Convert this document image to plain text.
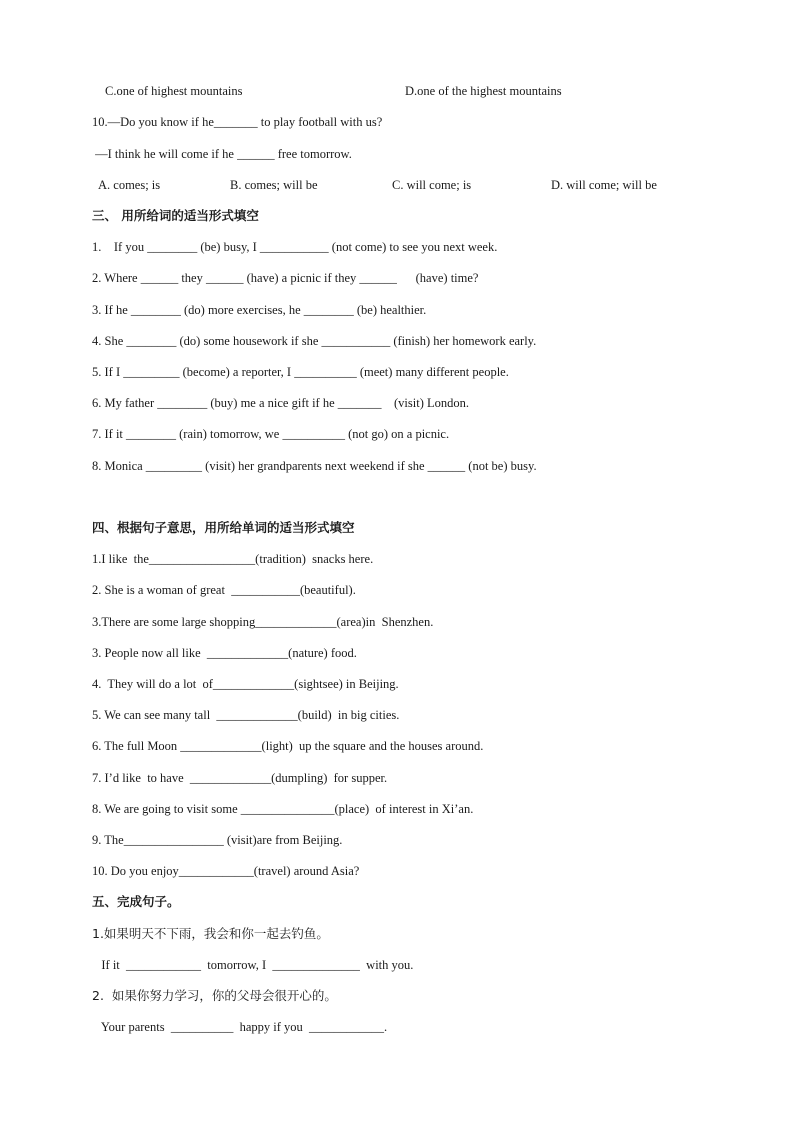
C.one of highest mountains	D.one of the highest mountains
10.—Do you know if he_______ to play football with us?
—I think he will come if he ______ free tomorrow.
A. comes; is	B. comes; will be	C. will come; is	D. will come; will be
三、 用所给词的适当形式填空
1.    If you ________ (be) busy, I ___________ (not come) to see you next week.
2. Where ______ they ______ (have) a picnic if they ______      (have) time?
3. If he ________ (do) more exercises, he ________ (be) healthier.
4. She ________ (do) some housework if she ___________ (finish) her homework early.
5. If I _________ (become) a reporter, I __________ (meet) many different people.
6. My father ________ (buy) me a nice gift if he _______    (visit) London.
7. If it ________ (rain) tomorrow, we __________ (not go) on a picnic.
8. Monica _________ (visit) her grandparents next weekend if she ______ (not be) busy.
四、根据句子意思，用所给单词的适当形式填空
1.I like  the_________________(tradition)  snacks here.
2. She is a woman of great  ___________(beautiful).
3.There are some large shopping_____________(area)in  Shenzhen.
3. People now all like  _____________(nature) food.
4.  They will do a lot  of_____________(sightsee) in Beijing.
5. We can see many tall  _____________(build)  in big cities.
6. The full Moon _____________(light)  up the square and the houses around.
7. I’d like  to have  _____________(dumpling)  for supper.
8. We are going to visit some _______________(place)  of interest in Xi’an.
9. The________________ (visit)are from Beijing.
10. Do you enjoy____________(travel) around Asia?
五、完成句子。
1.如果明天不下雨，我会和你一起去钓鱼。
If it  ____________  tomorrow, I  ______________  with you.
2.  如果你努力学习，你的父母会很开心的。
Your parents  __________  happy if you  ____________.
